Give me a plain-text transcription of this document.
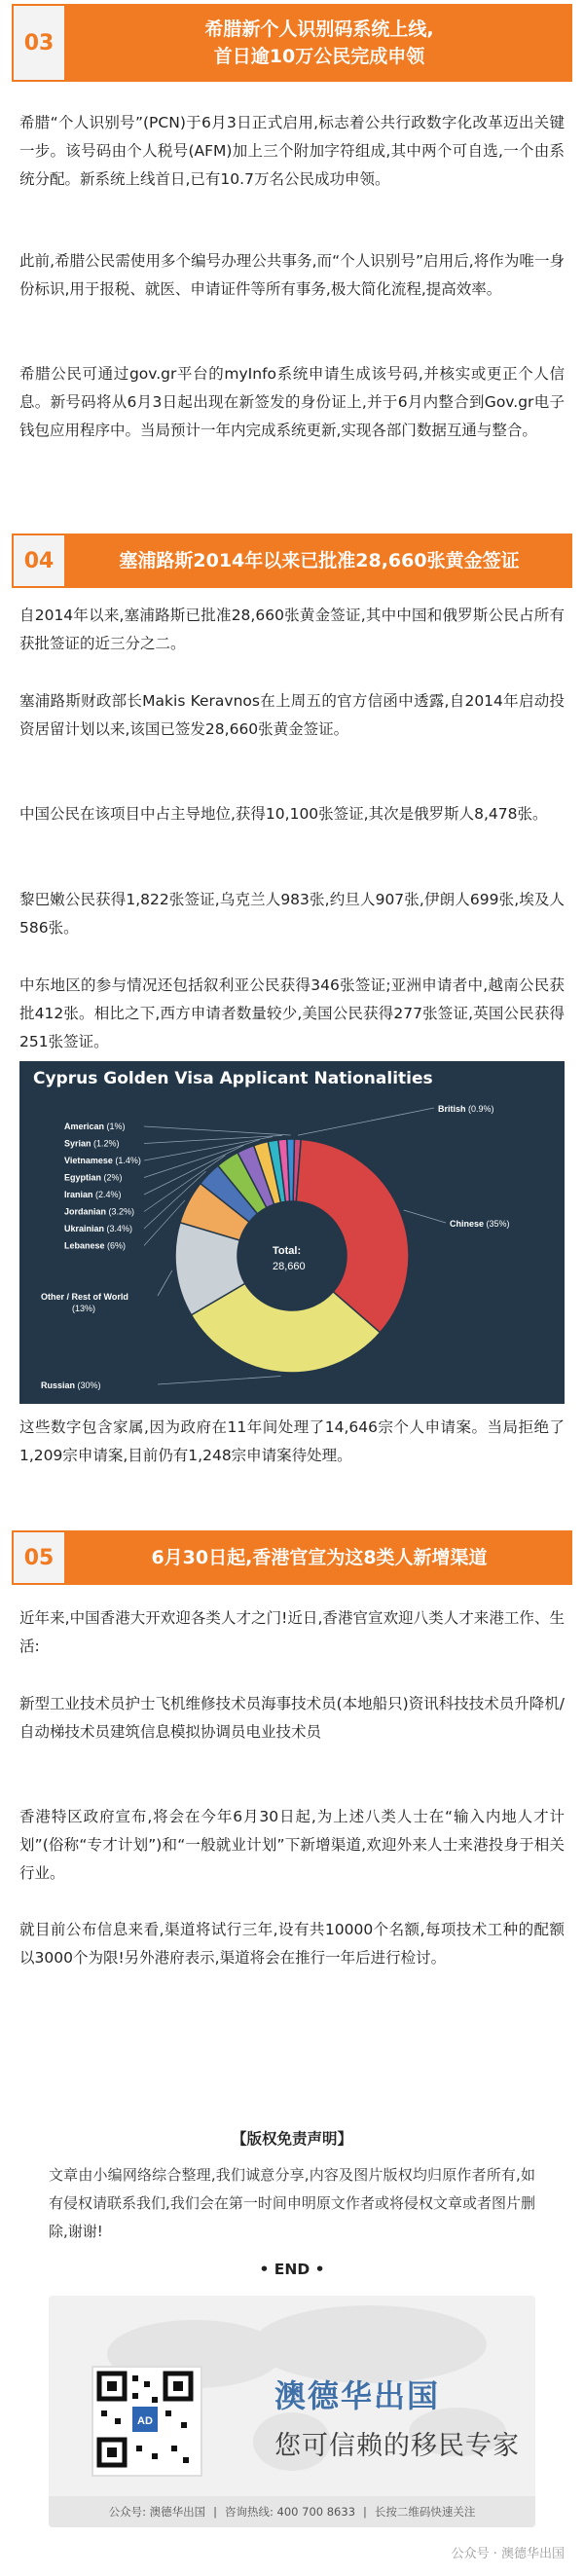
03
希腊新个人识别码系统上线,
首日逾10万公民完成申领
希腊“个人识别号”(PCN)于6月3日正式启用,标志着公共行政数字化改革迈出关键一步。该号码由个人税号(AFM)加上三个附加字符组成,其中两个可自选,一个由系统分配。新系统上线首日,已有10.7万名公民成功申领。
此前,希腊公民需使用多个编号办理公共事务,而“个人识别号”启用后,将作为唯一身份标识,用于报税、就医、申请证件等所有事务,极大简化流程,提高效率。
希腊公民可通过gov.gr平台的myInfo系统申请生成该号码,并核实或更正个人信息。新号码将从6月3日起出现在新签发的身份证上,并于6月内整合到Gov.gr电子钱包应用程序中。当局预计一年内完成系统更新,实现各部门数据互通与整合。
04	塞浦路斯2014年以来已批准28,660张黄金签证
自2014年以来,塞浦路斯已批准28,660张黄金签证,其中中国和俄罗斯公民占所有获批签证的近三分之二。
塞浦路斯财政部长Makis Keravnos在上周五的官方信函中透露,自2014年启动投资居留计划以来,该国已签发28,660张黄金签证。
中国公民在该项目中占主导地位,获得10,100张签证,其次是俄罗斯人8,478张。
黎巴嫩公民获得1,822张签证,乌克兰人983张,约旦人907张,伊朗人699张,埃及人586张。
中东地区的参与情况还包括叙利亚公民获得346张签证;亚洲申请者中,越南公民获批412张。相比之下,西方申请者数量较少,美国公民获得277张签证,英国公民获得251张签证。
Cyprus Golden Visa Applicant Nationalities
British (0.9%)
Chinese (35%)
Russian (30%)
(13%)
Other / Rest of World
American (1%)
Syrian (1.2%)
Vietnamese (1.4%)
Egyptian (2%)
Iranian (2.4%)
Jordanian (3.2%)
Ukrainian (3.4%)
Lebanese (6%)	Total:
28,660
这些数字包含家属,因为政府在11年间处理了14,646宗个人申请案。当局拒绝了1,209宗申请案,目前仍有1,248宗申请案待处理。
05	6月30日起,香港官宣为这8类人新增渠道
近年来,中国香港大开欢迎各类人才之门!近日,香港官宣欢迎八类人才来港工作、生活:
新型工业技术员护士飞机维修技术员海事技术员(本地船只)资讯科技技术员升降机/自动梯技术员建筑信息模拟协调员电业技术员
香港特区政府宣布,将会在今年6月30日起,为上述八类人士在“输入内地人才计划”(俗称“专才计划”)和“一般就业计划”下新增渠道,欢迎外来人士来港投身于相关行业。
就目前公布信息来看,渠道将试行三年,设有共10000个名额,每项技术工种的配额以3000个为限!另外港府表示,渠道将会在推行一年后进行检讨。
【版权免责声明】
文章由小编网络综合整理,我们诚意分享,内容及图片版权均归原作者所有,如有侵权请联系我们,我们会在第一时间申明原文作者或将侵权文章或者图片删除,谢谢!
• END •
AD
澳德华出国
您可信赖的移民专家
公众号: 澳德华出国 | 咨询热线: 400 700 8633 | 长按二维码快速关注
公众号 · 澳德华出国
